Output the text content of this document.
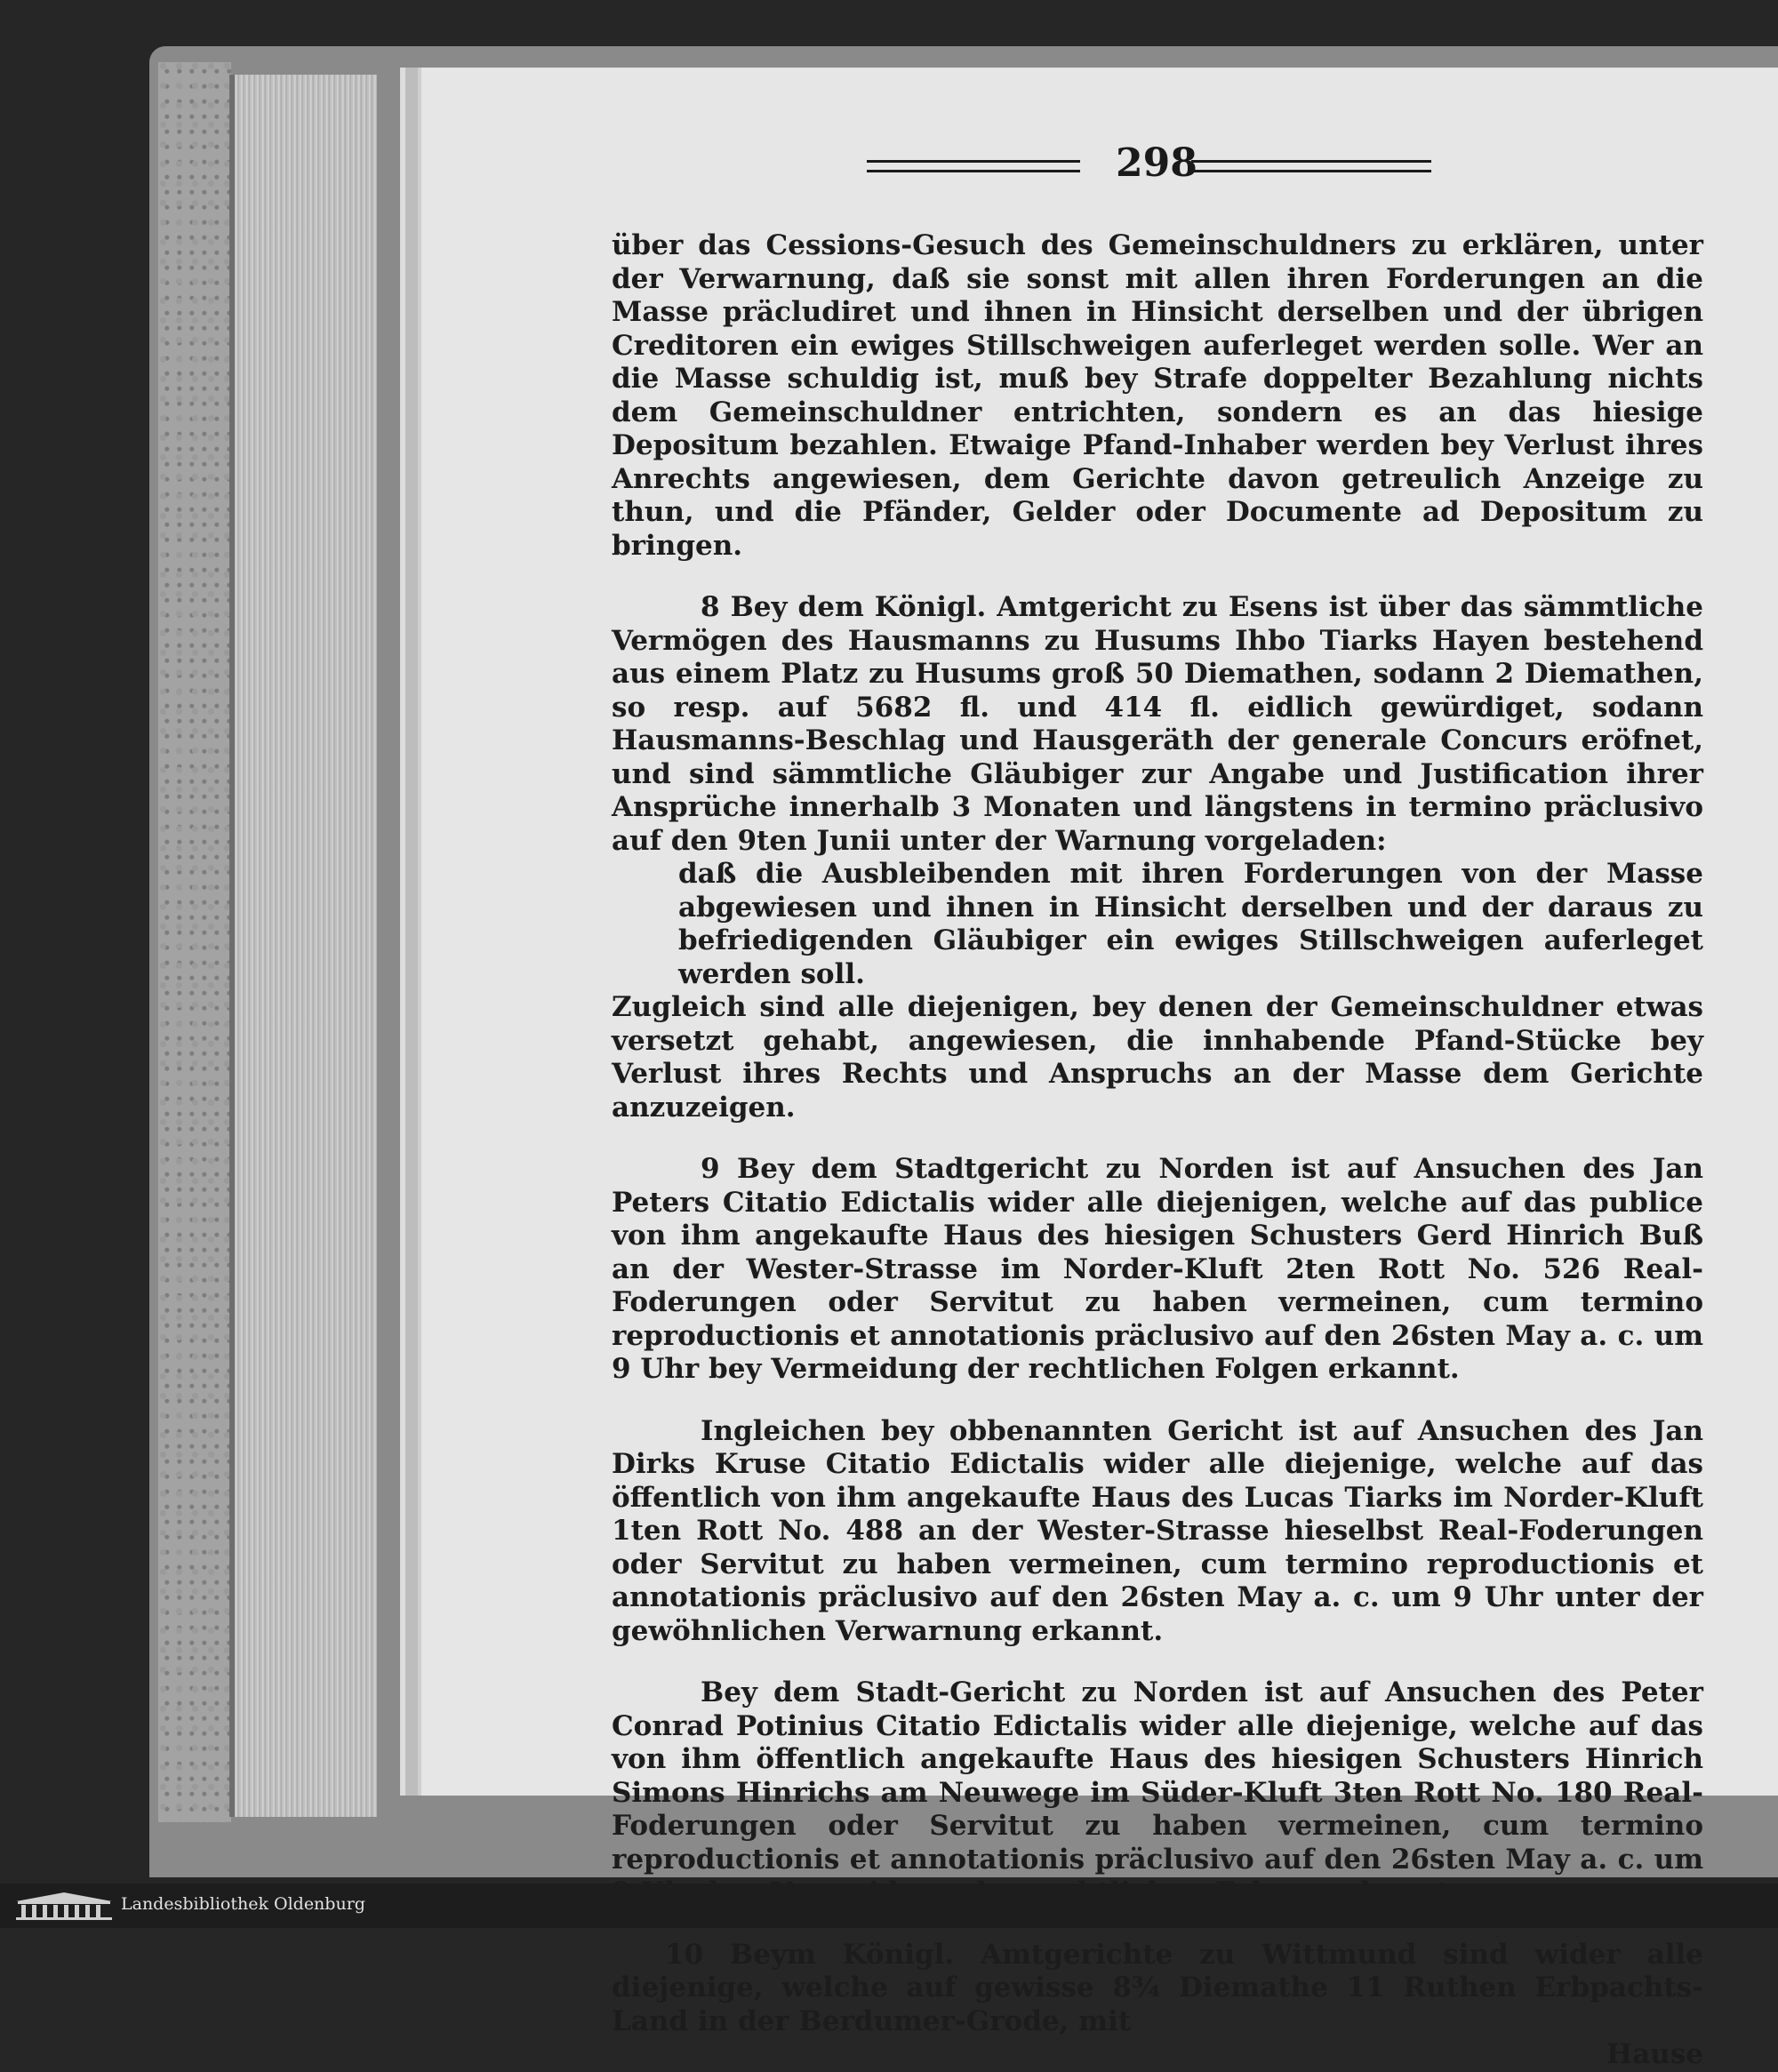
298

über das Cessions-Gesuch des Gemeinschuldners zu erklären, unter der Verwarnung, daß sie sonst mit allen ihren Forderungen an die Masse präcludiret und ihnen in Hinsicht derselben und der übrigen Creditoren ein ewiges Stillschweigen auferleget werden solle. Wer an die Masse schuldig ist, muß bey Strafe doppelter Bezahlung nichts dem Gemeinschuldner entrichten, sondern es an das hiesige Depositum bezahlen. Etwaige Pfand-Inhaber werden bey Verlust ihres Anrechts angewiesen, dem Gerichte davon getreulich Anzeige zu thun, und die Pfänder, Gelder oder Documente ad Depositum zu bringen.

8 Bey dem Königl. Amtgericht zu Esens ist über das sämmtliche Vermögen des Hausmanns zu Husums Ihbo Tiarks Hayen bestehend aus einem Platz zu Husums groß 50 Diemathen, sodann 2 Diemathen, so resp. auf 5682 fl. und 414 fl. eidlich gewürdiget, sodann Hausmanns-Beschlag und Hausgeräth der generale Concurs eröfnet, und sind sämmtliche Gläubiger zur Angabe und Justification ihrer Ansprüche innerhalb 3 Monaten und längstens in termino präclusivo auf den 9ten Junii unter der Warnung vorgeladen:

daß die Ausbleibenden mit ihren Forderungen von der Masse abgewiesen und ihnen in Hinsicht derselben und der daraus zu befriedigenden Gläubiger ein ewiges Stillschweigen auferleget werden soll.

Zugleich sind alle diejenigen, bey denen der Gemeinschuldner etwas versetzt gehabt, angewiesen, die innhabende Pfand-Stücke bey Verlust ihres Rechts und Anspruchs an der Masse dem Gerichte anzuzeigen.

9 Bey dem Stadtgericht zu Norden ist auf Ansuchen des Jan Peters Citatio Edictalis wider alle diejenigen, welche auf das publice von ihm angekaufte Haus des hiesigen Schusters Gerd Hinrich Buß an der Wester-Strasse im Norder-Kluft 2ten Rott No. 526 Real-Foderungen oder Servitut zu haben vermeinen, cum termino reproductionis et annotationis präclusivo auf den 26sten May a. c. um 9 Uhr bey Vermeidung der rechtlichen Folgen erkannt.

Ingleichen bey obbenannten Gericht ist auf Ansuchen des Jan Dirks Kruse Citatio Edictalis wider alle diejenige, welche auf das öffentlich von ihm angekaufte Haus des Lucas Tiarks im Norder-Kluft 1ten Rott No. 488 an der Wester-Strasse hieselbst Real-Foderungen oder Servitut zu haben vermeinen, cum termino reproductionis et annotationis präclusivo auf den 26sten May a. c. um 9 Uhr unter der gewöhnlichen Verwarnung erkannt.

Bey dem Stadt-Gericht zu Norden ist auf Ansuchen des Peter Conrad Potinius Citatio Edictalis wider alle diejenige, welche auf das von ihm öffentlich angekaufte Haus des hiesigen Schusters Hinrich Simons Hinrichs am Neuwege im Süder-Kluft 3ten Rott No. 180 Real-Foderungen oder Servitut zu haben vermeinen, cum termino reproductionis et annotationis präclusivo auf den 26sten May a. c. um

10 Beym Königl. Amtgerichte zu Wittmund sind wider alle diejenige, welche auf gewisse 8¾ Diemathe 11 Ruthen Erbpachts-Land in der Berdumer-Grode, mit

Hause

Landesbibliothek Oldenburg
